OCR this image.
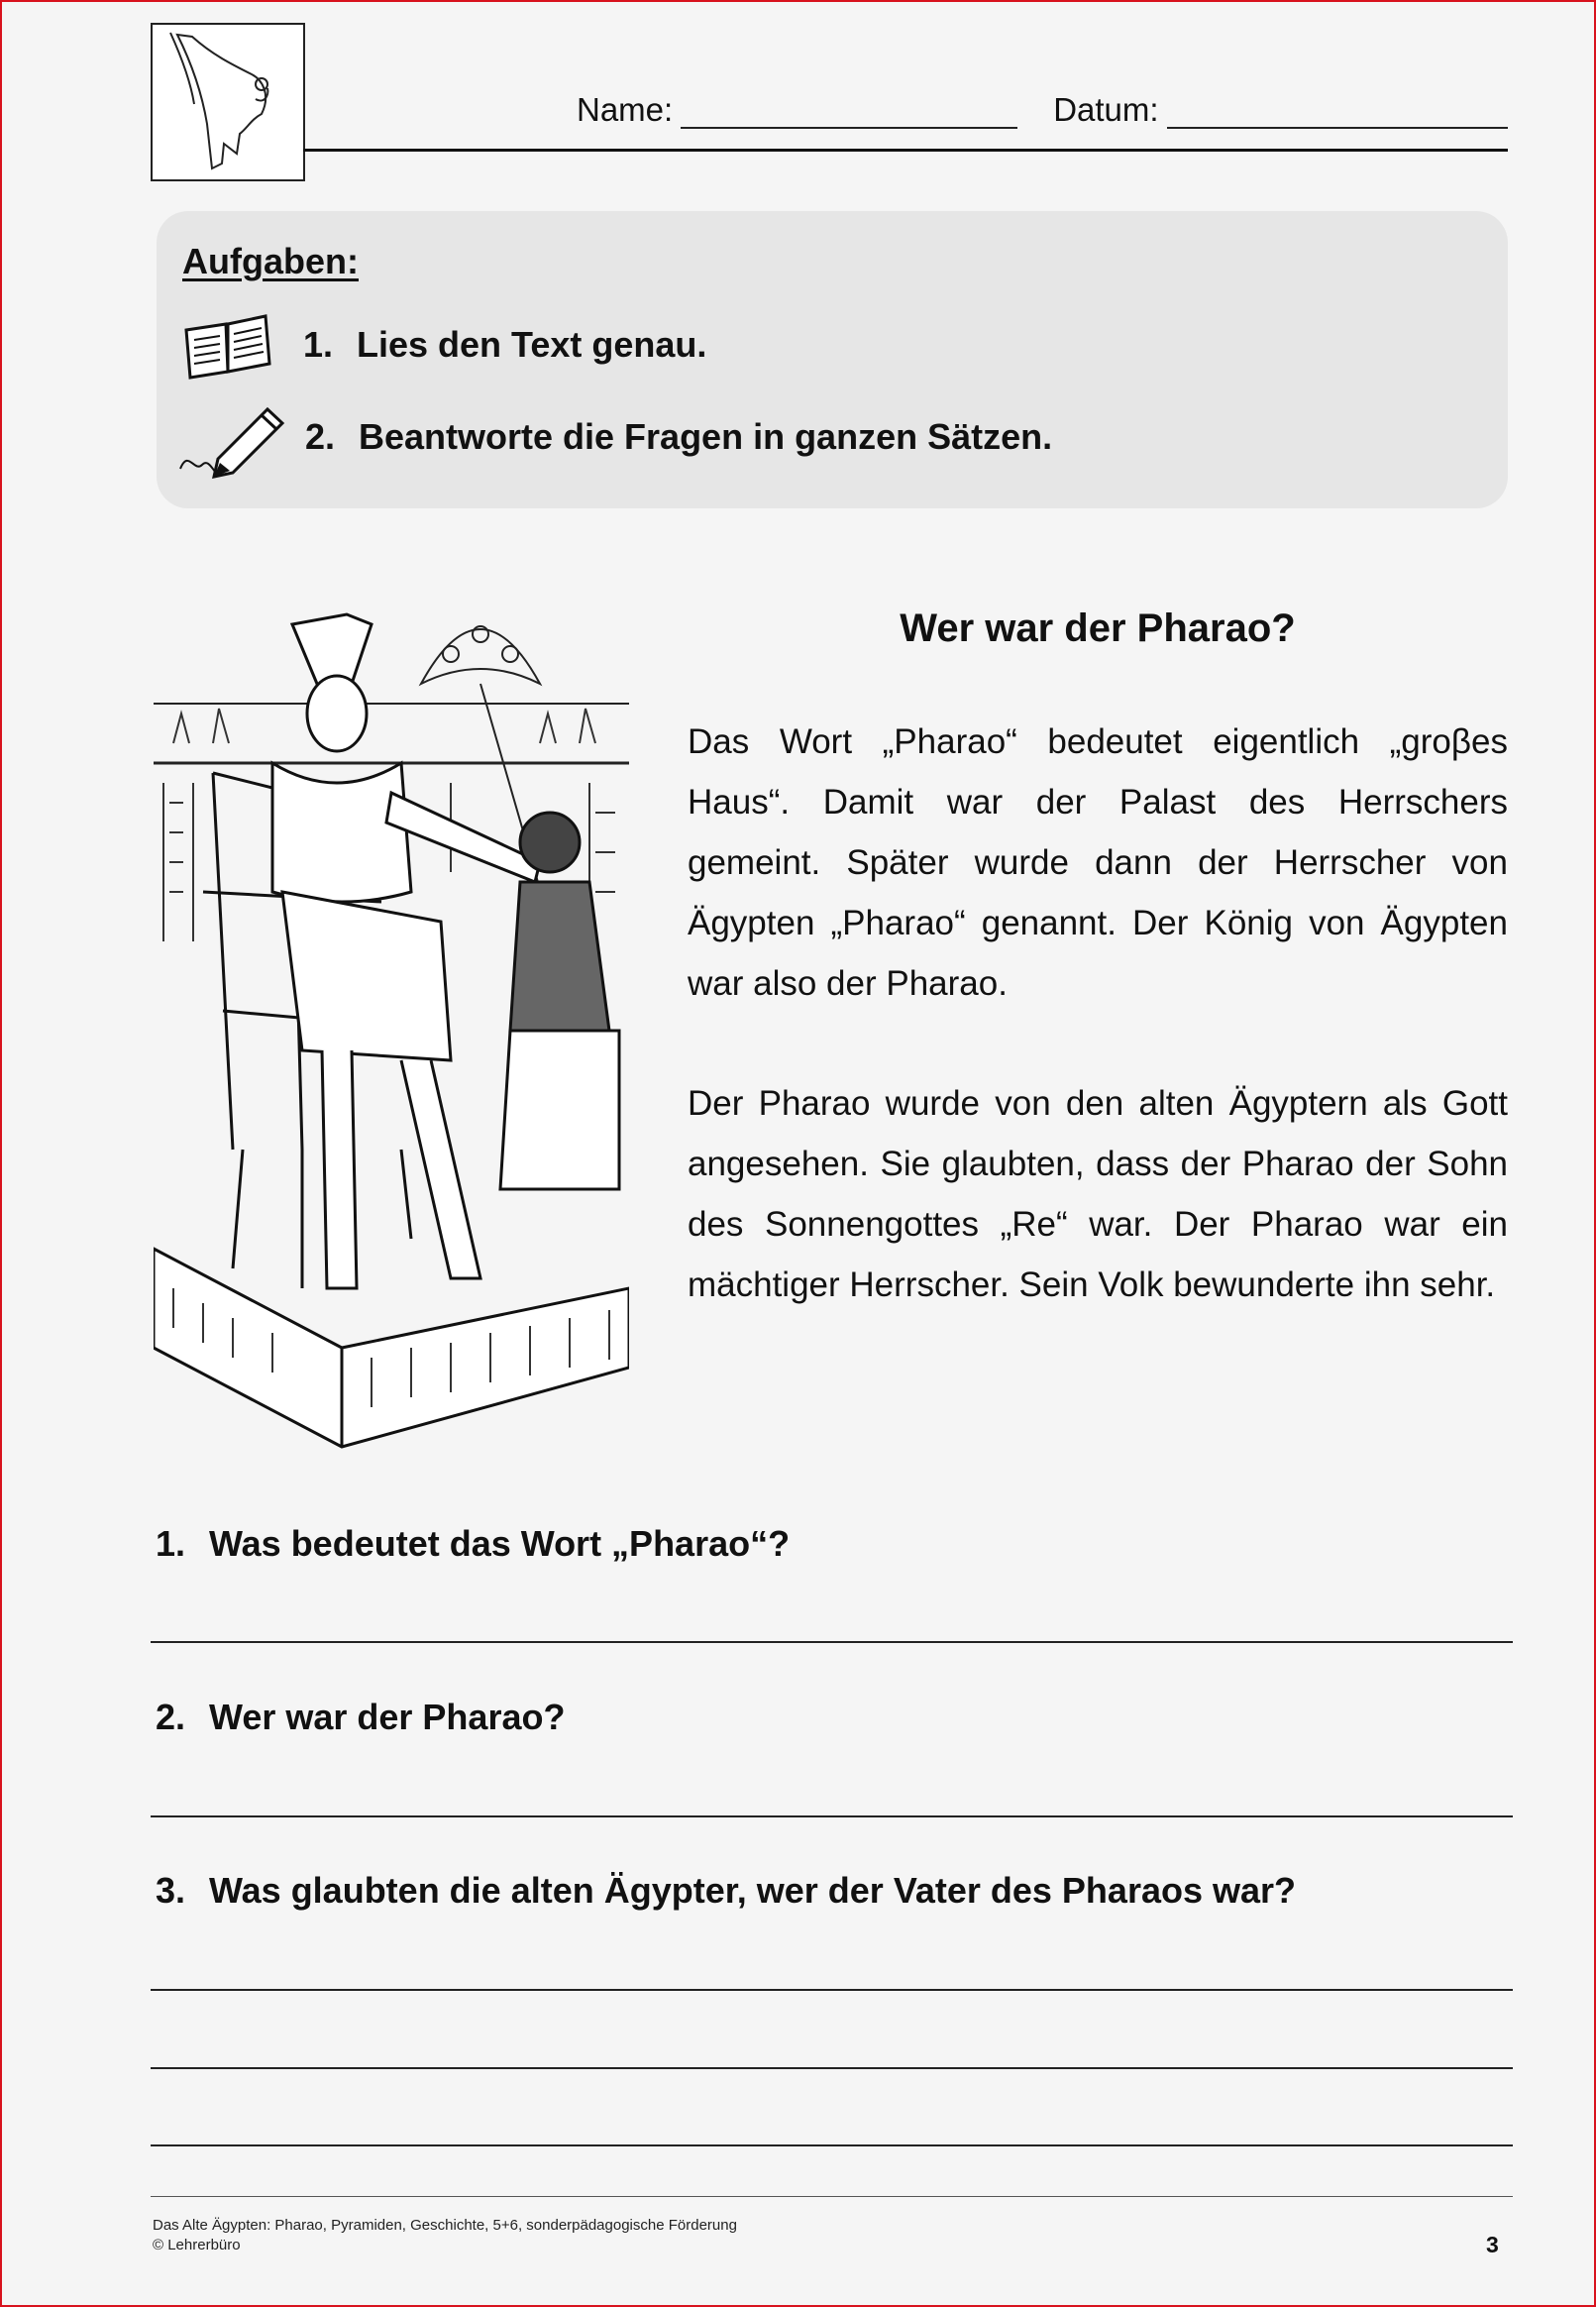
Name:	Datum:
Aufgaben:
1. Lies den Text genau.
2. Beantworte die Fragen in ganzen Sätzen.
Wer war der Pharao?

Das Wort „Pharao“ bedeutet eigentlich „groβes Haus“. Damit war der Palast des Herrschers gemeint. Später wurde dann der Herrscher von Ägypten „Pharao“ genannt. Der König von Ägypten war also der Pharao.

Der Pharao wurde von den alten Ägyptern als Gott angesehen. Sie glaubten, dass der Pharao der Sohn des Sonnengottes „Re“ war. Der Pharao war ein mächtiger Herrscher. Sein Volk bewunderte ihn sehr.

1. Was bedeutet das Wort „Pharao“?
2. Wer war der Pharao?
3. Was glaubten die alten Ägypter, wer der Vater des Pharaos war?
Das Alte Ägypten: Pharao, Pyramiden, Geschichte, 5+6, sonderpädagogische Förderung
© Lehrerbüro	3
